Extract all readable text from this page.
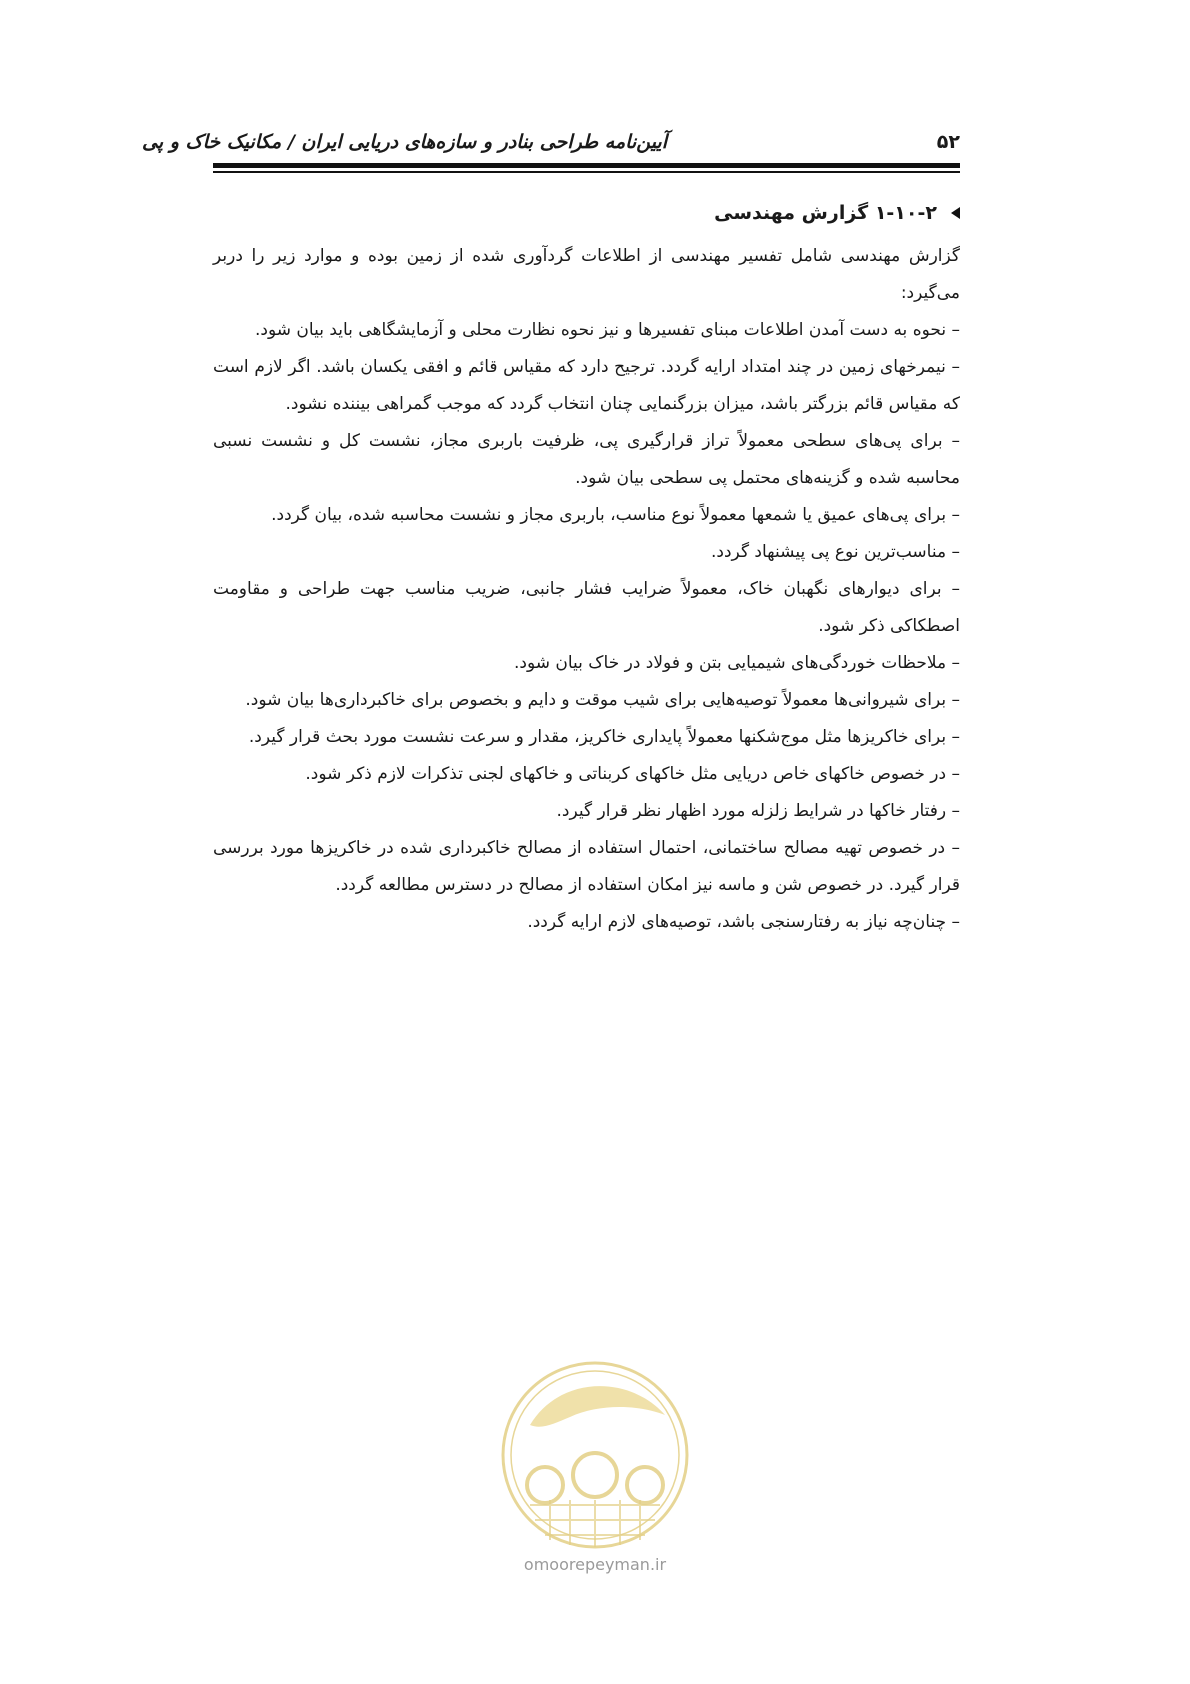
آیین‌نامه طراحی بنادر و سازه‌های دریایی ایران / مکانیک خاک و پی	۵۲
۱-۱۰-۲ گزارش مهندسی

گزارش مهندسی شامل تفسیر مهندسی از اطلاعات گردآوری شده از زمین بوده و موارد زیر را دربر می‌گیرد:

– نحوه به دست آمدن اطلاعات مبنای تفسیرها و نیز نحوه نظارت محلی و آزمایشگاهی باید بیان شود.

– نیمرخهای زمین در چند امتداد ارایه گردد. ترجیح دارد که مقیاس قائم و افقی یکسان باشد. اگر لازم است که مقیاس قائم بزرگتر باشد، میزان بزرگنمایی چنان انتخاب گردد که موجب گمراهی بیننده نشود.

– برای پی‌های سطحی معمولاً تراز قرارگیری پی، ظرفیت باربری مجاز، نشست کل و نشست نسبی محاسبه شده و گزینه‌های محتمل پی سطحی بیان شود.

– برای پی‌های عمیق یا شمعها معمولاً نوع مناسب، باربری مجاز و نشست محاسبه شده، بیان گردد.

– مناسب‌ترین نوع پی پیشنهاد گردد.

– برای دیوارهای نگهبان خاک، معمولاً ضرایب فشار جانبی، ضریب مناسب جهت طراحی و مقاومت اصطکاکی ذکر شود.

– ملاحظات خوردگی‌های شیمیایی بتن و فولاد در خاک بیان شود.

– برای شیروانی‌ها معمولاً توصیه‌هایی برای شیب موقت و دایم و بخصوص برای خاکبرداری‌ها بیان شود.

– برای خاکریزها مثل موج‌شکنها معمولاً پایداری خاکریز، مقدار و سرعت نشست مورد بحث قرار گیرد.

– در خصوص خاکهای خاص دریایی مثل خاکهای کربناتی و خاکهای لجنی تذکرات لازم ذکر شود.

– رفتار خاکها در شرایط زلزله مورد اظهار نظر قرار گیرد.

– در خصوص تهیه مصالح ساختمانی، احتمال استفاده از مصالح خاکبرداری شده در خاکریزها مورد بررسی قرار گیرد. در خصوص شن و ماسه نیز امکان استفاده از مصالح در دسترس مطالعه گردد.

– چنان‌چه نیاز به رفتارسنجی باشد، توصیه‌های لازم ارایه گردد.

omoorepeyman.ir
